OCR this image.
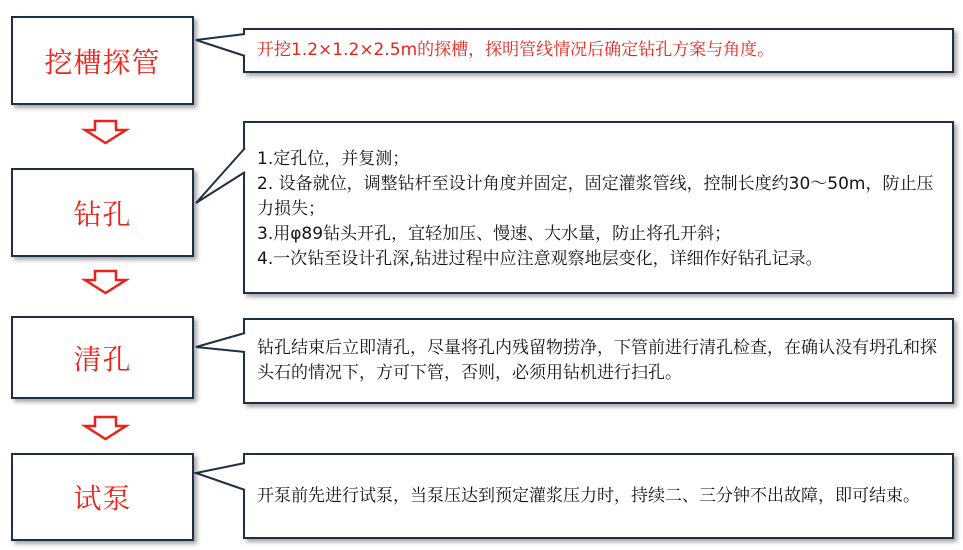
挖槽探管	开挖1.2×1.2×2.5m的探槽，探明管线情况后确定钻孔方案与角度。

钻孔

1.定孔位，并复测；

2. 设备就位，调整钻杆至设计角度并固定，固定灌浆管线，控制长度约30～50m，防止压力损失；

3.用φ89钻头开孔，宜轻加压、慢速、大水量，防止将孔开斜；

4.一次钻至设计孔深,钻进过程中应注意观察地层变化，详细作好钻孔记录。

清孔	钻孔结束后立即清孔，尽量将孔内残留物捞净，下管前进行清孔检查，在确认没有坍孔和探头石的情况下，方可下管，否则，必须用钻机进行扫孔。

试泵	开泵前先进行试泵，当泵压达到预定灌浆压力时，持续二、三分钟不出故障，即可结束。
